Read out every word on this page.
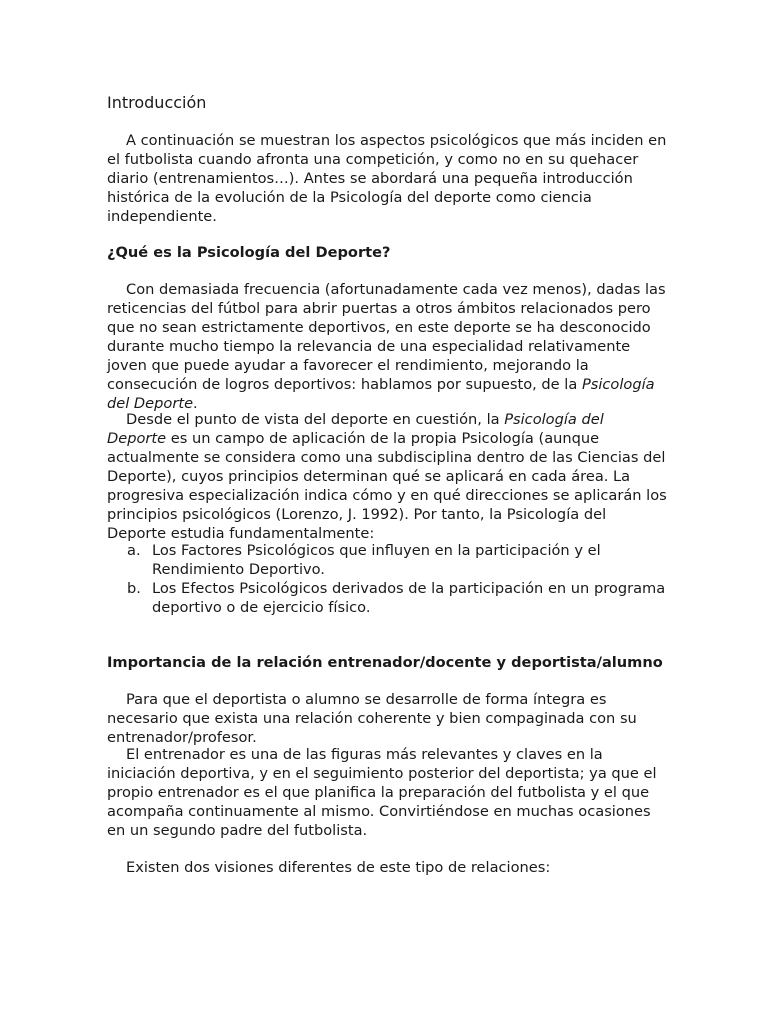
Introducción

A continuación se muestran los aspectos psicológicos que más inciden en el futbolista cuando afronta una competición, y como no en su quehacer diario (entrenamientos…). Antes se abordará una pequeña introducción histórica de la evolución de la Psicología del deporte como ciencia independiente.

¿Qué es la Psicología del Deporte?

Con demasiada frecuencia (afortunadamente cada vez menos), dadas las reticencias del fútbol para abrir puertas a otros ámbitos relacionados pero que no sean estrictamente deportivos, en este deporte se ha desconocido durante mucho tiempo la relevancia de una especialidad relativamente joven que puede ayudar a favorecer el rendimiento, mejorando la consecución de logros deportivos: hablamos por supuesto, de la Psicología del Deporte.

Desde el punto de vista del deporte en cuestión, la Psicología del Deporte es un campo de aplicación de la propia Psicología (aunque actualmente se considera como una subdisciplina dentro de las Ciencias del Deporte), cuyos principios determinan qué se aplicará en cada área. La progresiva especialización indica cómo y en qué direcciones se aplicarán los principios psicológicos (Lorenzo, J. 1992). Por tanto, la Psicología del Deporte estudia fundamentalmente:

a. Los Factores Psicológicos que influyen en la participación y el Rendimiento Deportivo.
b. Los Efectos Psicológicos derivados de la participación en un programa deportivo o de ejercicio físico.
Importancia de la relación entrenador/docente y deportista/alumno

Para que el deportista o alumno se desarrolle de forma íntegra es necesario que exista una relación coherente y bien compaginada con su entrenador/profesor.

El entrenador es una de las figuras más relevantes y claves en la iniciación deportiva, y en el seguimiento posterior del deportista; ya que el propio entrenador es el que planifica la preparación del futbolista y el que acompaña continuamente al mismo. Convirtiéndose en muchas ocasiones en un segundo padre del futbolista.

Existen dos visiones diferentes de este tipo de relaciones:
